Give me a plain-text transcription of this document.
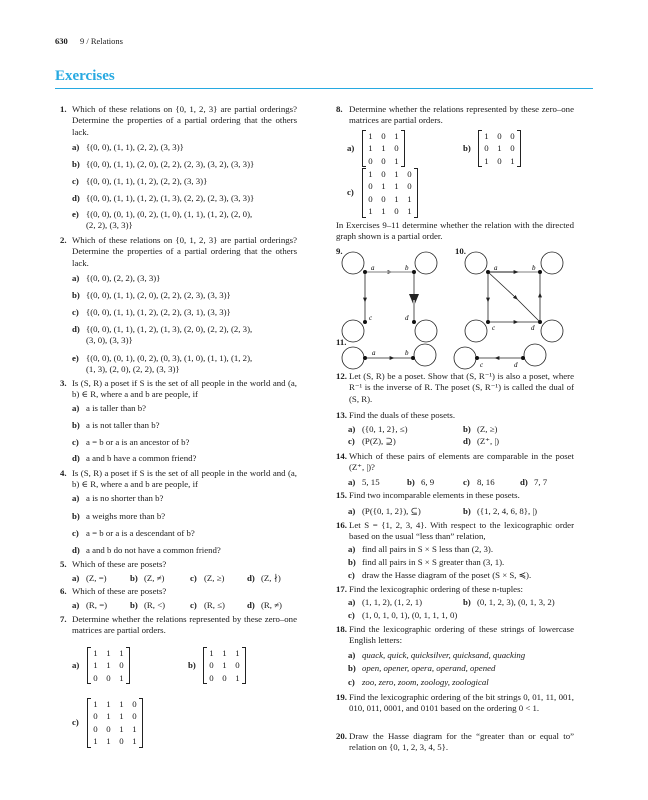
630 9 / Relations
Exercises
In Exercises 9–11 determine whether the relation with the directed graph shown is a partial order.
a	b
c	d
a	b
c	d
a	b
c	d
1. Which of these relations on {0, 1, 2, 3} are partial orderings? Determine the properties of a partial ordering that the others lack.
a) {(0, 0), (1, 1), (2, 2), (3, 3)}
b) {(0, 0), (1, 1), (2, 0), (2, 2), (2, 3), (3, 2), (3, 3)}
c) {(0, 0), (1, 1), (1, 2), (2, 2), (3, 3)}
d) {(0, 0), (1, 1), (1, 2), (1, 3), (2, 2), (2, 3), (3, 3)}
e) {(0, 0), (0, 1), (0, 2), (1, 0), (1, 1), (1, 2), (2, 0),
(2, 2), (3, 3)}
2. Which of these relations on {0, 1, 2, 3} are partial orderings? Determine the properties of a partial ordering that the others lack.
a) {(0, 0), (2, 2), (3, 3)}
b) {(0, 0), (1, 1), (2, 0), (2, 2), (2, 3), (3, 3)}
c) {(0, 0), (1, 1), (1, 2), (2, 2), (3, 1), (3, 3)}
d) {(0, 0), (1, 1), (1, 2), (1, 3), (2, 0), (2, 2), (2, 3),
(3, 0), (3, 3)}
e) {(0, 0), (0, 1), (0, 2), (0, 3), (1, 0), (1, 1), (1, 2),
(1, 3), (2, 0), (2, 2), (3, 3)}
3. Is (S, R) a poset if S is the set of all people in the world and (a, b) ∈ R, where a and b are people, if
a) a is taller than b?
b) a is not taller than b?
c) a = b or a is an ancestor of b?
d) a and b have a common friend?
4. Is (S, R) a poset if S is the set of all people in the world and (a, b) ∈ R, where a and b are people, if
a) a is no shorter than b?
b) a weighs more than b?
c) a = b or a is a descendant of b?
d) a and b do not have a common friend?
5. Which of these are posets?
a) (Z, =)	b) (Z, ≠)	c) (Z, ≥)	d) (Z, ∤)
6. Which of these are posets?
a) (R, =)	b) (R, <)	c) (R, ≤)	d) (R, ≠)
7. Determine whether the relations represented by these zero–one matrices are partial orders.
a)
1	1	1
1	1	0
0	0	1
b)
1	1	1
0	1	0
0	0	1
c)
1	1	1	0
0	1	1	0
0	0	1	1
1	1	0	1
8. Determine whether the relations represented by these zero–one matrices are partial orders.
a)
1	0	1
1	1	0
0	0	1
b)
1	0	0
0	1	0
1	0	1
c)
1	0	1	0
0	1	1	0
0	0	1	1
1	1	0	1
9.	10.
11.
12. Let (S, R) be a poset. Show that (S, R⁻¹) is also a poset, where R⁻¹ is the inverse of R. The poset (S, R⁻¹) is called the dual of (S, R).
13. Find the duals of these posets.
a) ({0, 1, 2}, ≤)	b) (Z, ≥)
c) (P(Z), ⊇)	d) (Z⁺, |)
14. Which of these pairs of elements are comparable in the poset (Z⁺, |)?
a) 5, 15	b) 6, 9	c) 8, 16	d) 7, 7
15. Find two incomparable elements in these posets.
a) (P({0, 1, 2}), ⊆)	b) ({1, 2, 4, 6, 8}, |)
16. Let S = {1, 2, 3, 4}. With respect to the lexicographic order based on the usual “less than” relation,
a) find all pairs in S × S less than (2, 3).
b) find all pairs in S × S greater than (3, 1).
c) draw the Hasse diagram of the poset (S × S, ≼).
17. Find the lexicographic ordering of these n-tuples:
a) (1, 1, 2), (1, 2, 1)	b) (0, 1, 2, 3), (0, 1, 3, 2)
c) (1, 0, 1, 0, 1), (0, 1, 1, 1, 0)
18. Find the lexicographic ordering of these strings of lowercase English letters:
a) quack, quick, quicksilver, quicksand, quacking
b) open, opener, opera, operand, opened
c) zoo, zero, zoom, zoology, zoological
19. Find the lexicographic ordering of the bit strings 0, 01, 11, 001, 010, 011, 0001, and 0101 based on the ordering 0 < 1.
20. Draw the Hasse diagram for the “greater than or equal to” relation on {0, 1, 2, 3, 4, 5}.
